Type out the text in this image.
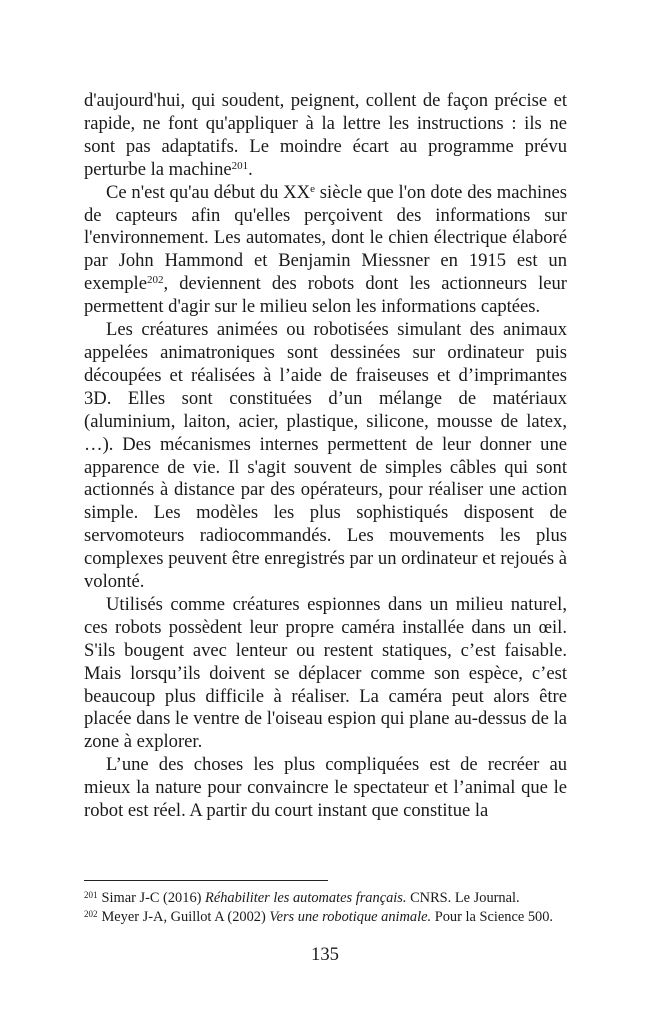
d'aujourd'hui, qui soudent, peignent, collent de façon précise et rapide, ne font qu'appliquer à la lettre les instructions : ils ne sont pas adaptatifs. Le moindre écart au programme prévu perturbe la machine$^{201}$.

Ce n'est qu'au début du XXe siècle que l'on dote des machines de capteurs afin qu'elles perçoivent des informations sur l'environnement. Les automates, dont le chien électrique élaboré par John Hammond et Benjamin Miessner en 1915 est un exemple$^{202}$, deviennent des robots dont les actionneurs leur permettent d'agir sur le milieu selon les informations captées.

Les créatures animées ou robotisées simulant des animaux appelées animatroniques sont dessinées sur ordinateur puis découpées et réalisées à l’aide de fraiseuses et d’imprimantes 3D. Elles sont constituées d’un mélange de matériaux (aluminium, laiton, acier, plastique, silicone, mousse de latex, …). Des mécanismes internes permettent de leur donner une apparence de vie. Il s'agit souvent de simples câbles qui sont actionnés à distance par des opérateurs, pour réaliser une action simple. Les modèles les plus sophistiqués disposent de servomoteurs radiocommandés. Les mouvements les plus complexes peuvent être enregistrés par un ordinateur et rejoués à volonté.

Utilisés comme créatures espionnes dans un milieu naturel, ces robots possèdent leur propre caméra installée dans un œil. S'ils bougent avec lenteur ou restent statiques, c’est faisable. Mais lorsqu’ils doivent se déplacer comme son espèce, c’est beaucoup plus difficile à réaliser. La caméra peut alors être placée dans le ventre de l'oiseau espion qui plane au-dessus de la zone à explorer.

L’une des choses les plus compliquées est de recréer au mieux la nature pour convaincre le spectateur et l’animal que le robot est réel. A partir du court instant que constitue la

$^{201}$ Simar J-C (2016) Réhabiliter les automates français. CNRS. Le Journal.

$^{202}$ Meyer J-A, Guillot A (2002) Vers une robotique animale. Pour la Science 500.

135
